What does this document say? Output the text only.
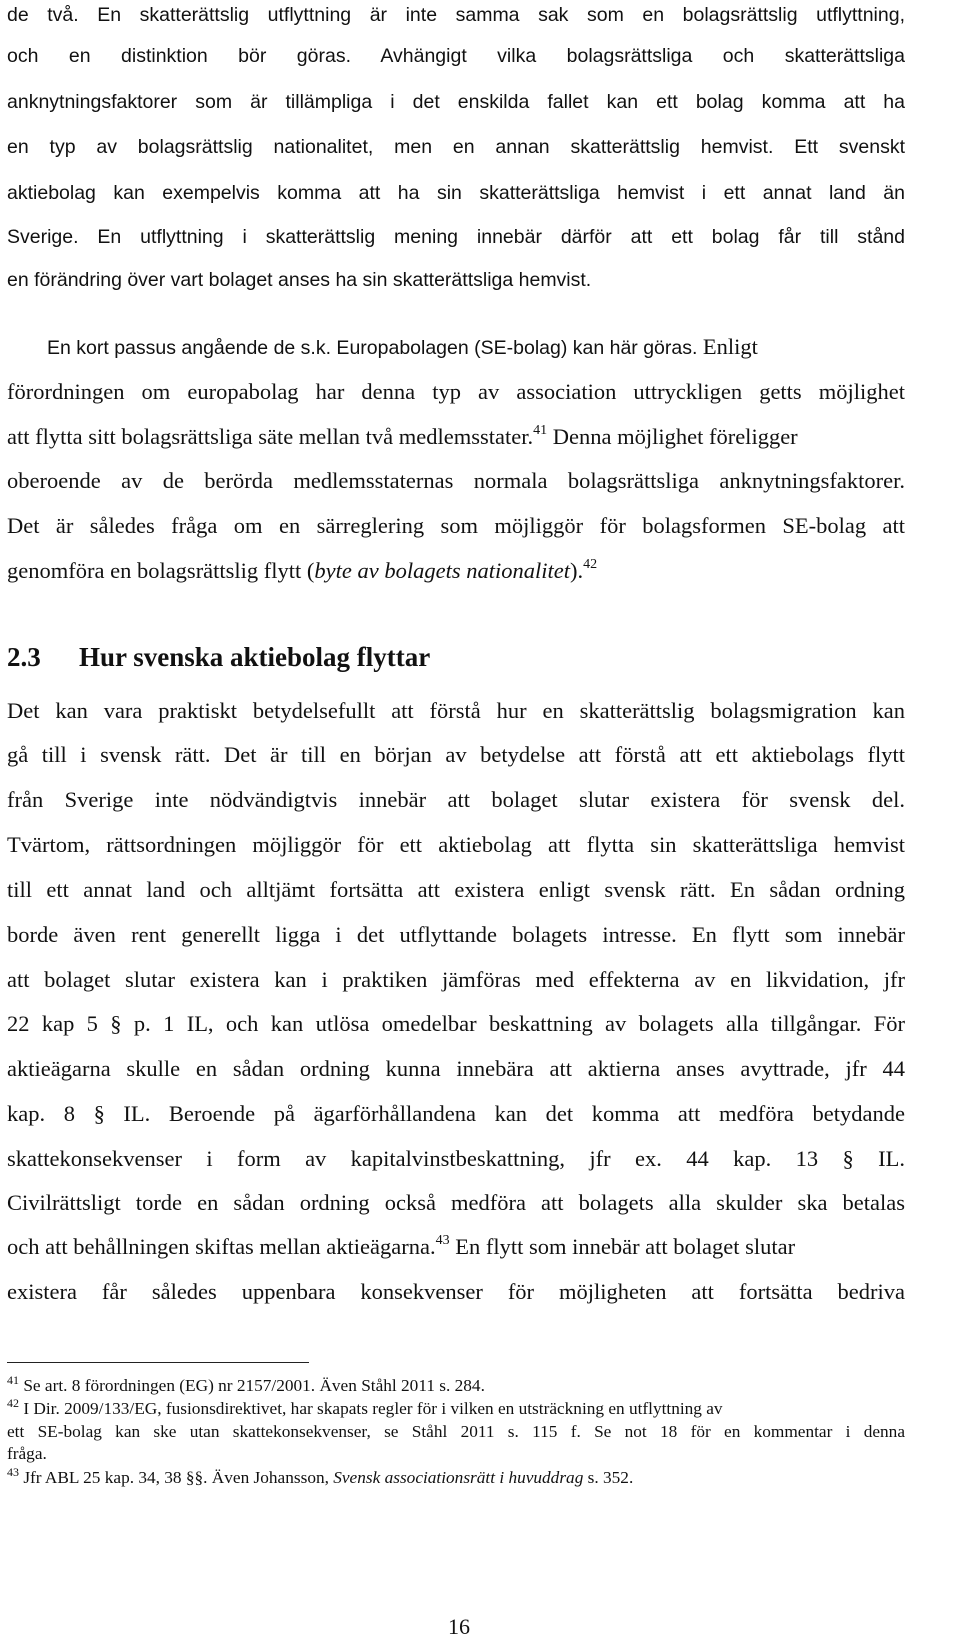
de två. En skatterättslig utflyttning är inte samma sak som en bolagsrättslig utflyttning,
och en distinktion bör göras. Avhängigt vilka bolagsrättsliga och skatterättsliga
anknytningsfaktorer som är tillämpliga i det enskilda fallet kan ett bolag komma att ha
en typ av bolagsrättslig nationalitet, men en annan skatterättslig hemvist. Ett svenskt
aktiebolag kan exempelvis komma att ha sin skatterättsliga hemvist i ett annat land än
Sverige. En utflyttning i skatterättslig mening innebär därför att ett bolag får till stånd
en förändring över vart bolaget anses ha sin skatterättsliga hemvist.
En kort passus angående de s.k. Europabolagen (SE-bolag) kan här göras. Enligt
förordningen om europabolag har denna typ av association uttryckligen getts möjlighet
att flytta sitt bolagsrättsliga säte mellan två medlemsstater.$^{41}$ Denna möjlighet föreligger
oberoende av de berörda medlemsstaternas normala bolagsrättsliga anknytningsfaktorer.
Det är således fråga om en särreglering som möjliggör för bolagsformen SE-bolag att
genomföra en bolagsrättslig flytt (byte av bolagets nationalitet).$^{42}$
2.3 Hur svenska aktiebolag flyttar
Det kan vara praktiskt betydelsefullt att förstå hur en skatterättslig bolagsmigration kan
gå till i svensk rätt. Det är till en början av betydelse att förstå att ett aktiebolags flytt
från Sverige inte nödvändigtvis innebär att bolaget slutar existera för svensk del.
Tvärtom, rättsordningen möjliggör för ett aktiebolag att flytta sin skatterättsliga hemvist
till ett annat land och alltjämt fortsätta att existera enligt svensk rätt. En sådan ordning
borde även rent generellt ligga i det utflyttande bolagets intresse. En flytt som innebär
att bolaget slutar existera kan i praktiken jämföras med effekterna av en likvidation, jfr
22 kap 5 § p. 1 IL, och kan utlösa omedelbar beskattning av bolagets alla tillgångar. För
aktieägarna skulle en sådan ordning kunna innebära att aktierna anses avyttrade, jfr 44
kap. 8 § IL. Beroende på ägarförhållandena kan det komma att medföra betydande
skattekonsekvenser i form av kapitalvinstbeskattning, jfr ex. 44 kap. 13 § IL.
Civilrättsligt torde en sådan ordning också medföra att bolagets alla skulder ska betalas
och att behållningen skiftas mellan aktieägarna.$^{43}$ En flytt som innebär att bolaget slutar
existera får således uppenbara konsekvenser för möjligheten att fortsätta bedriva
$^{41}$ Se art. 8 förordningen (EG) nr 2157/2001. Även Ståhl 2011 s. 284.
$^{42}$ I Dir. 2009/133/EG, fusionsdirektivet, har skapats regler för i vilken en utsträckning en utflyttning av
ett SE-bolag kan ske utan skattekonsekvenser, se Ståhl 2011 s. 115 f. Se not 18 för en kommentar i denna
fråga.
$^{43}$ Jfr ABL 25 kap. 34, 38 §§. Även Johansson, Svensk associationsrätt i huvuddrag s. 352.
16
